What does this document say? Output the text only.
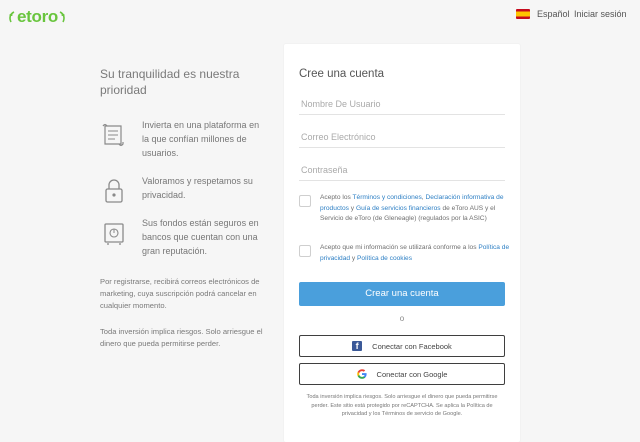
etoro	Español Iniciar sesión
Su tranquilidad es nuestra prioridad
Invierta en una plataforma en la que confían millones de usuarios.
Valoramos y respetamos su privacidad.
Sus fondos están seguros en bancos que cuentan con una gran reputación.
Por registrarse, recibirá correos electrónicos de marketing, cuya suscripción podrá cancelar en cualquier momento.
Toda inversión implica riesgos. Solo arriesgue el dinero que pueda permitirse perder.
Cree una cuenta
Nombre De Usuario
Correo Electrónico
Acepto los Términos y condiciones, Declaración informativa de productos y Guía de servicios financieros de eToro AUS y el Servicio de eToro (de Gleneagle) (regulados por la ASIC)
Acepto que mi información se utilizará conforme a los Política de privacidad y Política de cookies
Crear una cuenta
o
f	Conectar con Facebook
Conectar con Google
Toda inversión implica riesgos. Solo arriesgue el dinero que pueda permitirse perder. Este sitio está protegido por reCAPTCHA. Se aplica la Política de privacidad y los Términos de servicio de Google.
